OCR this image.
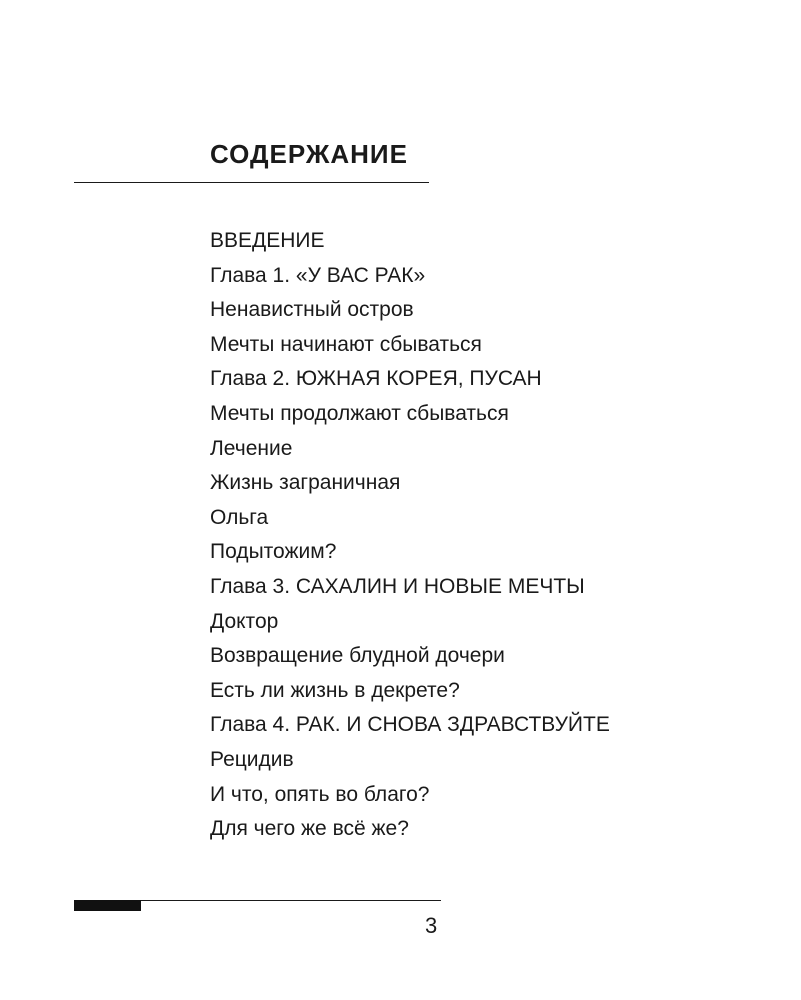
СОДЕРЖАНИЕ
ВВЕДЕНИЕ
Глава 1. «У ВАС РАК»
Ненавистный остров
Мечты начинают сбываться
Глава 2. ЮЖНАЯ КОРЕЯ, ПУСАН
Мечты продолжают сбываться
Лечение
Жизнь заграничная
Ольга
Подытожим?
Глава 3. САХАЛИН И НОВЫЕ МЕЧТЫ
Доктор
Возвращение блудной дочери
Есть ли жизнь в декрете?
Глава 4. РАК. И СНОВА ЗДРАВСТВУЙТЕ
Рецидив
И что, опять во благо?
Для чего же всё же?
3
